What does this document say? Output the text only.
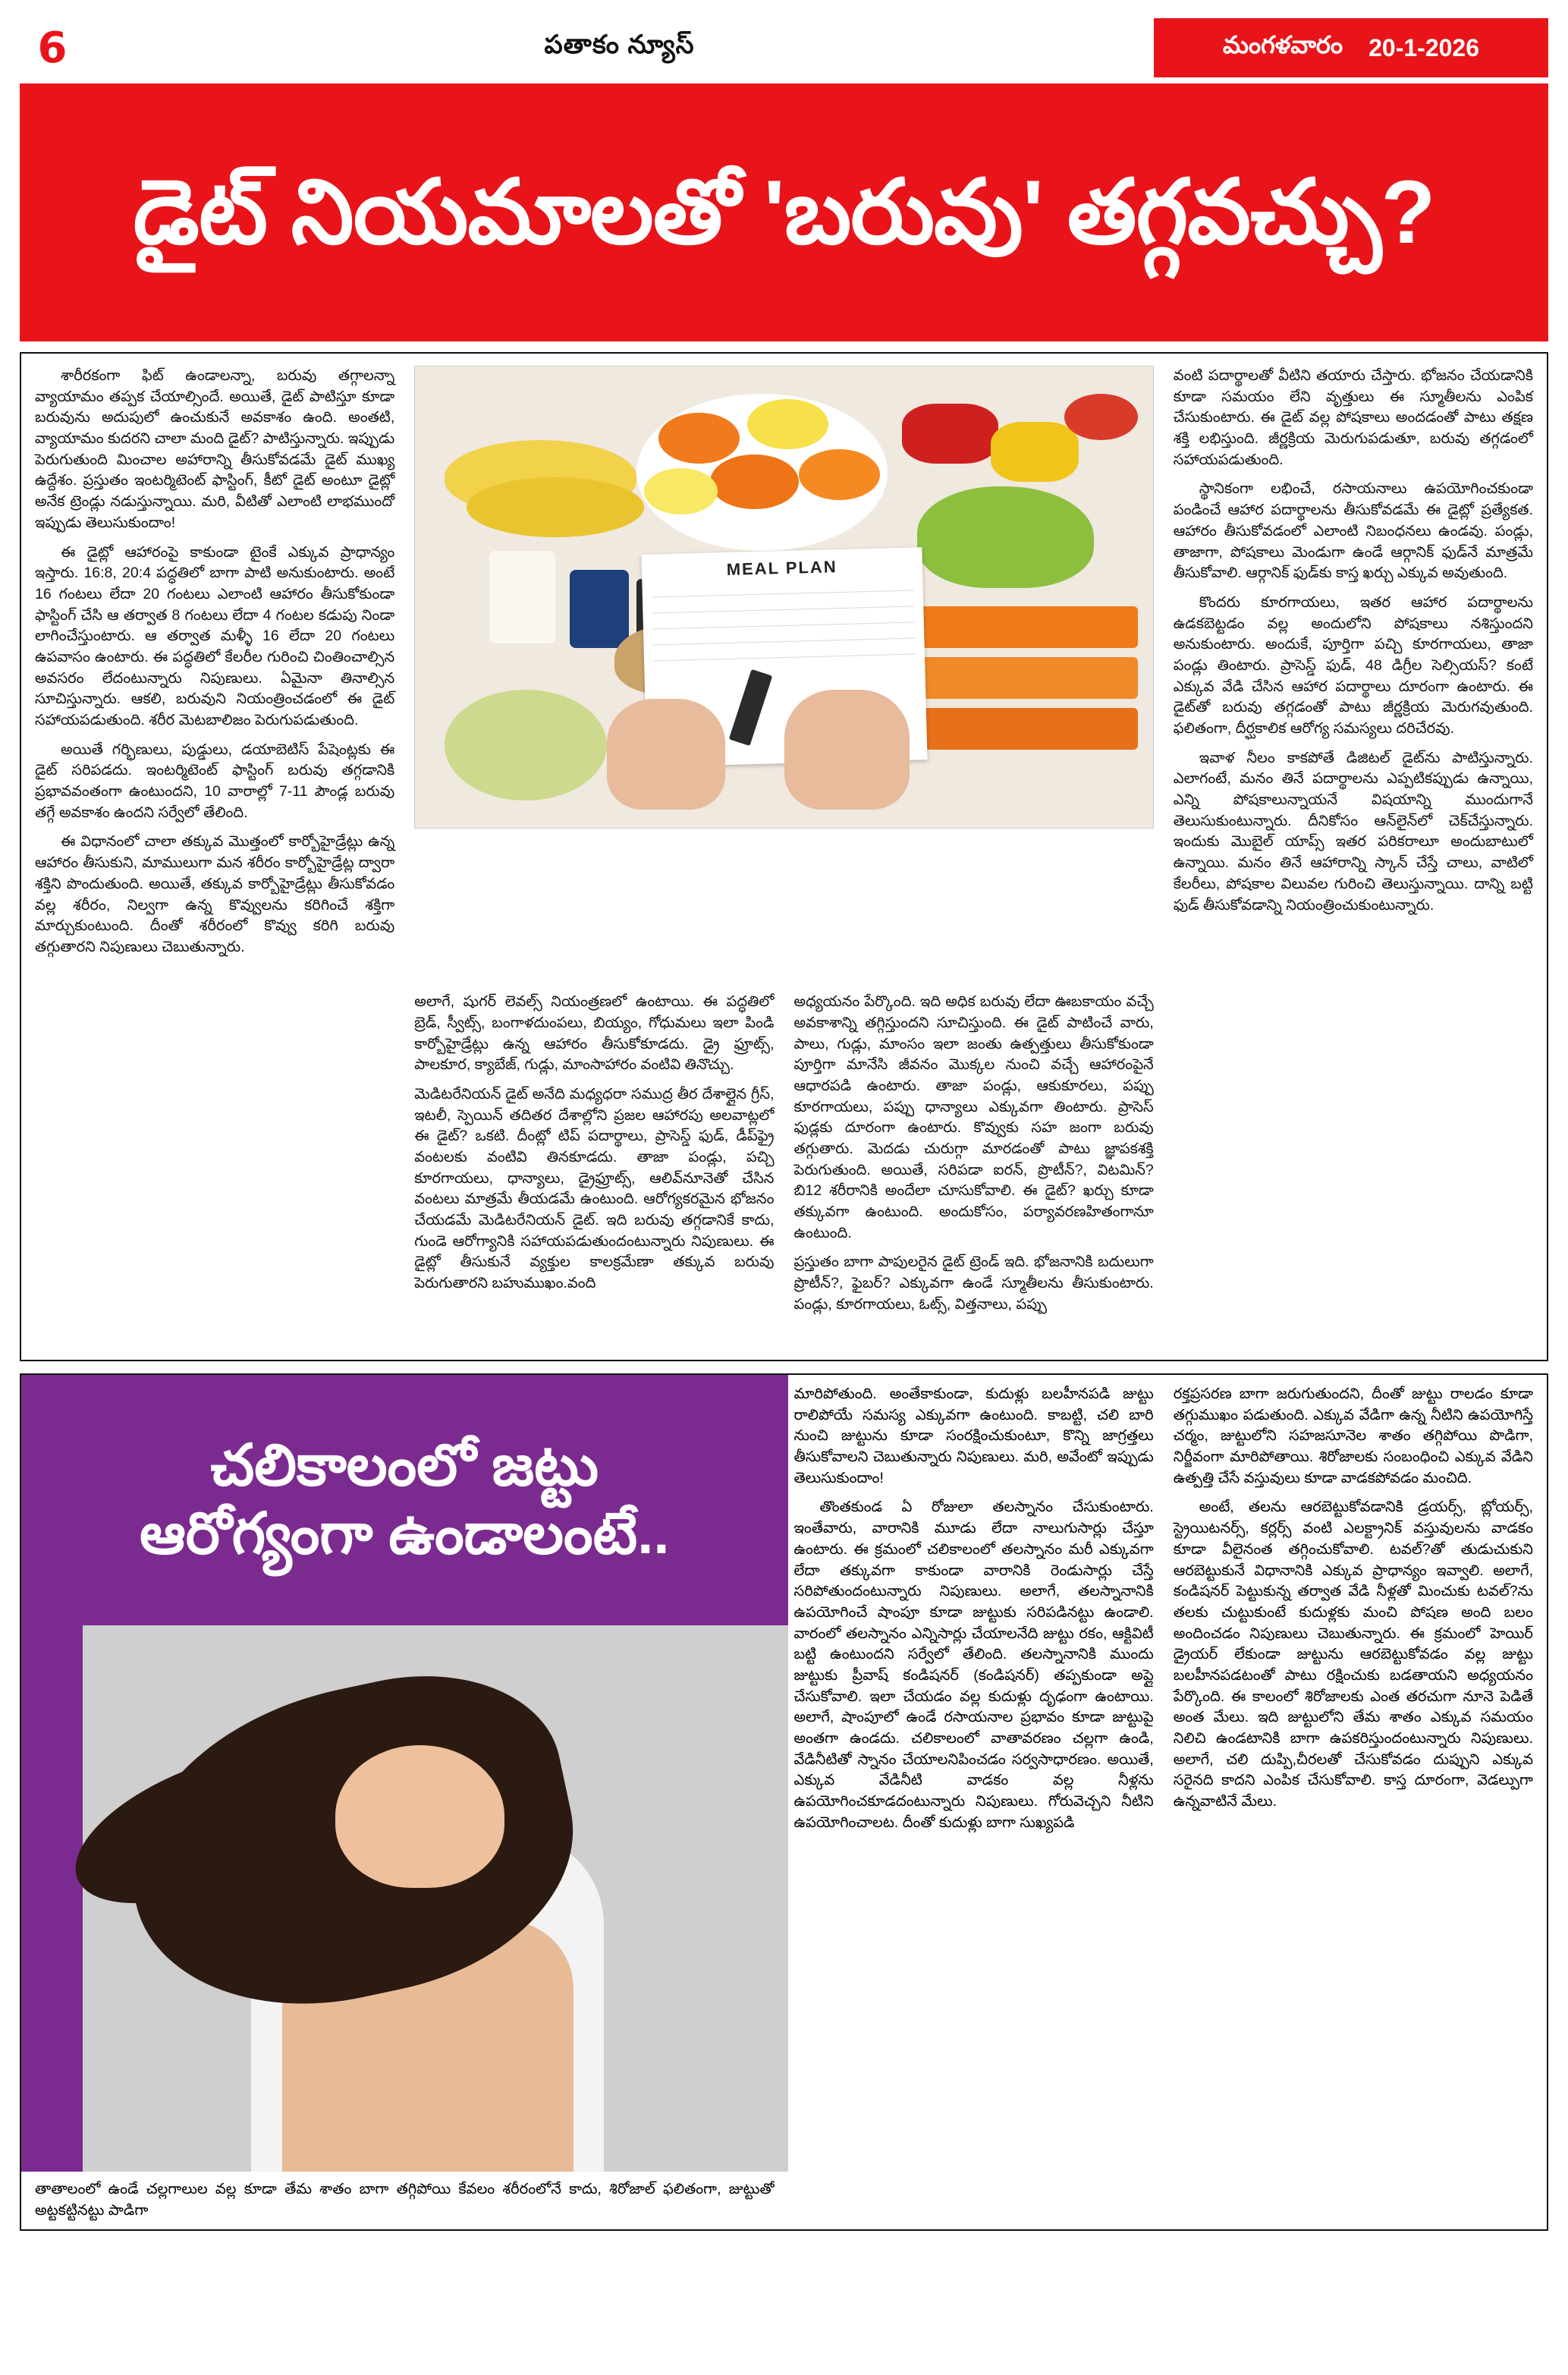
6	పతాకం న్యూస్	మంగళవారం 20-1-2026
డైట్ నియమాలతో 'బరువు' తగ్గవచ్చు?

శారీరకంగా ఫిట్ ఉండాలన్నా, బరువు తగ్గాలన్నా వ్యాయామం తప్పక చేయాల్సిందే. అయితే, డైట్ పాటిస్తూ కూడా బరువును అదుపులో ఉంచుకునే అవకాశం ఉంది. అంతటి, వ్యాయామం కుదరని చాలా మంది డైట్? పాటిస్తున్నారు. ఇప్పుడు పెరుగుతుంది మించాల అహారాన్ని తీసుకోవడమే డైట్ ముఖ్య ఉద్దేశం. ప్రస్తుతం ఇంటర్మిటెంట్ ఫాస్టింగ్, కీటో డైట్ అంటూ డైట్లో అనేక ట్రెండ్లు నడుస్తున్నాయి. మరి, వీటితో ఎలాంటి లాభముందో ఇప్పుడు తెలుసుకుందాం!

ఈ డైట్లో ఆహారంపై కాకుండా టైంకే ఎక్కువ ప్రాధాన్యం ఇస్తారు. 16:8, 20:4 పద్ధతిలో బాగా పాటి అనుకుంటారు. అంటే 16 గంటలు లేదా 20 గంటలు ఎలాంటి ఆహారం తీసుకోకుండా ఫాస్టింగ్ చేసి ఆ తర్వాత 8 గంటలు లేదా 4 గంటల కడుపు నిండా లాగించేస్తుంటారు. ఆ తర్వాత మళ్ళీ 16 లేదా 20 గంటలు ఉపవాసం ఉంటారు. ఈ పద్ధతిలో కేలరీల గురించి చింతించాల్సిన అవసరం లేదంటున్నారు నిపుణులు. ఏమైనా తినాల్సిన సూచిస్తున్నారు. ఆకలి, బరువుని నియంత్రించడంలో ఈ డైట్ సహాయపడుతుంది. శరీర మెటబాలిజం పెరుగుపడుతుంది.

అయితే గర్భిణులు, పుడ్డులు, డయాబెటిస్ పేషెంట్లకు ఈ డైట్ సరిపడదు. ఇంటర్మిటెంట్ ఫాస్టింగ్ బరువు తగ్గడానికి ప్రభావవంతంగా ఉంటుందని, 10 వారాల్లో 7-11 పౌండ్ల బరువు తగ్గే అవకాశం ఉందని సర్వేలో తేలింది.

ఈ విధానంలో చాలా తక్కువ మొత్తంలో కార్బోహైడ్రేట్లు ఉన్న ఆహారం తీసుకుని, మాములుగా మన శరీరం కార్బోహైడ్రేట్ల ద్వారా శక్తిని పొందుతుంది. అయితే, తక్కువ కార్బోహైడ్రేట్లు తీసుకోవడం వల్ల శరీరం, నిల్వగా ఉన్న కొవ్వులను కరిగించే శక్తిగా మార్చుకుంటుంది. దీంతో శరీరంలో కొవ్వు కరిగి బరువు తగ్గుతారని నిపుణులు చెబుతున్నారు.

MEAL PLAN

అలాగే, షుగర్ లెవల్స్ నియంత్రణలో ఉంటాయి. ఈ పద్ధతిలో బ్రెడ్, స్వీట్స్, బంగాళదుంపలు, బియ్యం, గోధుమలు ఇలా పిండి కార్బోహైడ్రేట్లు ఉన్న ఆహారం తీసుకోకూడదు. డ్రై ఫ్రూట్స్, పాలకూర, క్యాబేజ్, గుడ్లు, మాంసాహారం వంటివి తినొచ్చు.

మెడిటరేనియన్ డైట్ అనేది మధ్యధరా సముద్ర తీర దేశాల్లైన గ్రీస్, ఇటలీ, స్పెయిన్ తదితర దేశాల్లోని ప్రజల ఆహారపు అలవాట్లలో ఈ డైట్? ఒకటి. దీంట్లో టిప్ పదార్థాలు, ప్రాసెస్డ్ ఫుడ్, డీప్‌ఫ్రై వంటలకు వంటివి తినకూడదు. తాజా పండ్లు, పచ్చి కూరగాయలు, ధాన్యాలు, డ్రైఫ్రూట్స్, ఆలివ్‌నూనెతో చేసిన వంటలు మాత్రమే తీయడమే ఉంటుంది. ఆరోగ్యకరమైన భోజనం చేయడమే మెడిటరేనియన్ డైట్. ఇది బరువు తగ్గడానికే కాదు, గుండె ఆరోగ్యానికి సహాయపడుతుందంటున్నారు నిపుణులు. ఈ డైట్లో తీసుకునే వ్యక్తుల కాలక్రమేణా తక్కువ బరువు పెరుగుతారని బహుముఖం.వంది

అధ్యయనం పేర్కొంది. ఇది అధిక బరువు లేదా ఊబకాయం వచ్చే అవకాశాన్ని తగ్గిస్తుందని సూచిస్తుంది. ఈ డైట్ పాటించే వారు, పాలు, గుడ్లు, మాంసం ఇలా జంతు ఉత్పత్తులు తీసుకోకుండా పూర్తిగా మానేసి జీవనం మొక్కల నుంచి వచ్చే ఆహారంపైనే ఆధారపడి ఉంటారు. తాజా పండ్లు, ఆకుకూరలు, పప్పు కూరగాయలు, పప్పు ధాన్యాలు ఎక్కువగా తింటారు. ప్రాసెస్ ఫుడ్లకు దూరంగా ఉంటారు. కొవ్వుకు సహ జంగా బరువు తగ్గుతారు. మెదడు చురుగ్గా మారడంతో పాటు జ్ఞాపకశక్తి పెరుగుతుంది. అయితే, సరిపడా ఐరన్, ప్రొటీన్?, విటమిన్? బి12 శరీరానికి అందేలా చూసుకోవాలి. ఈ డైట్? ఖర్చు కూడా తక్కువగా ఉంటుంది. అందుకోసం, పర్యావరణహితంగానూ ఉంటుంది.

ప్రస్తుతం బాగా పాపులరైన డైట్ ట్రెండ్ ఇది. భోజనానికి బదులుగా ప్రొటీన్?, ఫైబర్? ఎక్కువగా ఉండే స్మూతీలను తీసుకుంటారు. పండ్లు, కూరగాయలు, ఓట్స్, విత్తనాలు, పప్పు

వంటి పదార్థాలతో వీటిని తయారు చేస్తారు. భోజనం చేయడానికి కూడా సమయం లేని వృత్తులు ఈ స్మూతీలను ఎంపిక చేసుకుంటారు. ఈ డైట్ వల్ల పోషకాలు అందడంతో పాటు తక్షణ శక్తి లభిస్తుంది. జీర్ణక్రియ మెరుగుపడుతూ, బరువు తగ్గడంలో సహాయపడుతుంది.

స్థానికంగా లభించే, రసాయనాలు ఉపయోగించకుండా పండించే ఆహార పదార్థాలను తీసుకోవడమే ఈ డైట్లో ప్రత్యేకత. ఆహారం తీసుకోవడంలో ఎలాంటి నిబంధనలు ఉండవు. పండ్లు, తాజాగా, పోషకాలు మెండుగా ఉండే ఆర్గానిక్ ఫుడ్‌నే మాత్రమే తీసుకోవాలి. ఆర్గానిక్ ఫుడ్‌కు కాస్త ఖర్చు ఎక్కువ అవుతుంది.

కొందరు కూరగాయలు, ఇతర ఆహార పదార్థాలను ఉడకబెట్టడం వల్ల అందులోని పోషకాలు నశిస్తుందని అనుకుంటారు. అందుకే, పూర్తిగా పచ్చి కూరగాయలు, తాజా పండ్లు తింటారు. ప్రాసెస్డ్ ఫుడ్, 48 డిగ్రీల సెల్సియస్? కంటే ఎక్కువ వేడి చేసిన ఆహార పదార్థాలు దూరంగా ఉంటారు. ఈ డైట్‌తో బరువు తగ్గడంతో పాటు జీర్ణక్రియ మెరుగవుతుంది. ఫలితంగా, దీర్ఘకాలిక ఆరోగ్య సమస్యలు దరిచేరవు.

ఇవాళ నీలం కాకపోతే డిజిటల్ డైట్‌ను పాటిస్తున్నారు. ఎలాగంటే, మనం తినే పదార్థాలను ఎప్పటికప్పుడు ఉన్నాయి, ఎన్ని పోషకాలున్నాయనే విషయాన్ని ముందుగానే తెలుసుకుంటున్నారు. దీనికోసం ఆన్‌లైన్‌లో చెక్‌చేస్తున్నారు. ఇందుకు మొబైల్ యాప్స్ ఇతర పరికరాలూ అందుబాటులో ఉన్నాయి. మనం తినే ఆహారాన్ని స్కాన్ చేస్తే చాలు, వాటిలో కేలరీలు, పోషకాల విలువల గురించి తెలుస్తున్నాయి. దాన్ని బట్టి ఫుడ్ తీసుకోవడాన్ని నియంత్రించుకుంటున్నారు.

చలికాలంలో జట్టు
ఆరోగ్యంగా ఉండాలంటే..
తాతాలంలో ఉండే చల్లగాలుల వల్ల కూడా తేమ శాతం బాగా తగ్గిపోయి కేవలం శరీరంలోనే కాదు, శిరోజాల్ ఫలితంగా, జుట్టుతో అట్టకట్టినట్టు పాడిగా

మారిపోతుంది. అంతేకాకుండా, కుదుళ్లు బలహీనపడి జుట్టు రాలిపోయే సమస్య ఎక్కువగా ఉంటుంది. కాబట్టి, చలి బారి నుంచి జుట్టును కూడా సంరక్షించుకుంటూ, కొన్ని జాగ్రత్తలు తీసుకోవాలని చెబుతున్నారు నిపుణులు. మరి, అవేంటో ఇప్పుడు తెలుసుకుందాం!

తొంతకుండ ఏ రోజులా తలస్నానం చేసుకుంటారు. ఇంతేవారు, వారానికి మూడు లేదా నాలుగుసార్లు చేస్తూ ఉంటారు. ఈ క్రమంలో చలికాలంలో తలస్నానం మరీ ఎక్కువగా లేదా తక్కువగా కాకుండా వారానికి రెండుసార్లు చేస్తే సరిపోతుందంటున్నారు నిపుణులు. అలాగే, తలస్నానానికి ఉపయోగించే షాంపూ కూడా జుట్టుకు సరిపడినట్టు ఉండాలి. వారంలో తలస్నానం ఎన్నిసార్లు చేయాలనేది జుట్టు రకం, ఆక్టివిటీ బట్టి ఉంటుందని సర్వేలో తేలింది. తలస్నానానికి ముందు జుట్టుకు ప్రీవాష్ కండిషనర్ (కండిషనర్) తప్పకుండా అప్లై చేసుకోవాలి. ఇలా చేయడం వల్ల కుదుళ్లు దృఢంగా ఉంటాయి. అలాగే, షాంపూలో ఉండే రసాయనాల ప్రభావం కూడా జుట్టుపై అంతగా ఉండదు. చలికాలంలో వాతావరణం చల్లగా ఉండి, వేడినీటితో స్నానం చేయాలనిపించడం సర్వసాధారణం. అయితే, ఎక్కువ వేడినీటి వాడకం వల్ల నీళ్లను ఉపయోగించకూడదంటున్నారు నిపుణులు. గోరువెచ్చని నీటిని ఉపయోగించాలట. దీంతో కుదుళ్లు బాగా సుఖ్యపడి

రక్తప్రసరణ బాగా జరుగుతుందని, దీంతో జుట్టు రాలడం కూడా తగ్గుముఖం పడుతుంది. ఎక్కువ వేడిగా ఉన్న నీటిని ఉపయోగిస్తే చర్మం, జుట్టులోని సహజసూనెల శాతం తగ్గిపోయి పొడిగా, నిర్జీవంగా మారిపోతాయి. శిరోజాలకు సంబంధించి ఎక్కువ వేడిని ఉత్పత్తి చేసే వస్తువులు కూడా వాడకపోవడం మంచిది.

అంటే, తలను ఆరబెట్టుకోవడానికి డ్రయర్స్, బ్లోయర్స్, స్ట్రెయిటనర్స్, కర్లర్స్ వంటి ఎలక్ట్రానిక్ వస్తువులను వాడకం కూడా వీలైనంత తగ్గించుకోవాలి. టవల్?తో తుడుచుకుని ఆరబెట్టుకునే విధానానికి ఎక్కువ ప్రాధాన్యం ఇవ్వాలి. అలాగే, కండిషనర్ పెట్టుకున్న తర్వాత వేడి నీళ్లతో మించుకు టవల్?ను తలకు చుట్టుకుంటే కుదుళ్లకు మంచి పోషణ అంది బలం అందించడం నిపుణులు చెబుతున్నారు. ఈ క్రమంలో హెయిర్ డ్రైయర్ లేకుండా జుట్టును ఆరబెట్టుకోవడం వల్ల జుట్టు బలహీనపడటంతో పాటు రక్షించుకు బడతాయని అధ్యయనం పేర్కొంది. ఈ కాలంలో శిరోజాలకు ఎంత తరచుగా నూనె పెడితే అంత మేలు. ఇది జుట్టులోని తేమ శాతం ఎక్కువ సమయం నిలిచి ఉండటానికి బాగా ఉపకరిస్తుందంటున్నారు నిపుణులు. అలాగే, చలి దుప్పి,చీరలతో చేసుకోవడం దుప్పుని ఎక్కువ సరైనది కాదని ఎంపిక చేసుకోవాలి. కాస్త దూరంగా, వెడల్పుగా ఉన్నవాటినే మేలు.
